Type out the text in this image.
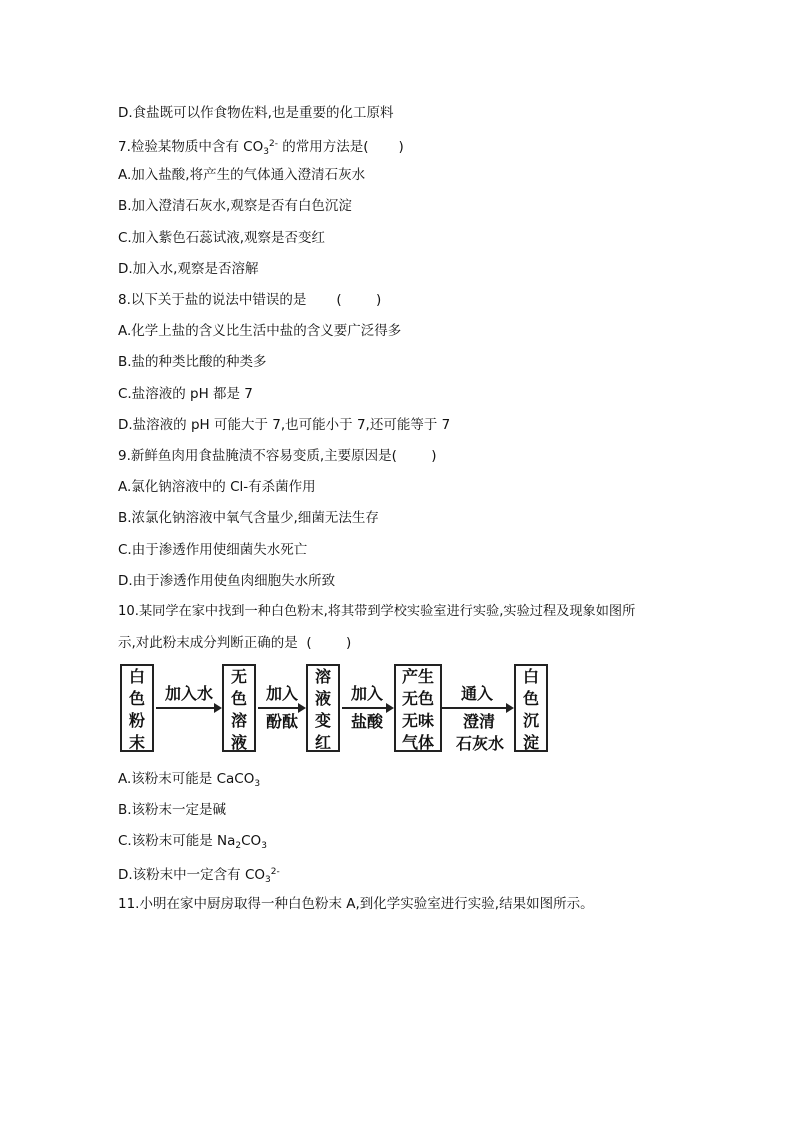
D.食盐既可以作食物佐料,也是重要的化工原料
7.检验某物质中含有 $CO_3^{2-}$ 的常用方法是(       )
A.加入盐酸,将产生的气体通入澄清石灰水
B.加入澄清石灰水,观察是否有白色沉淀
C.加入紫色石蕊试液,观察是否变红
D.加入水,观察是否溶解
8.以下关于盐的说法中错误的是       (        )
A.化学上盐的含义比生活中盐的含义要广泛得多
B.盐的种类比酸的种类多
C.盐溶液的 pH 都是 7
D.盐溶液的 pH 可能大于 7,也可能小于 7,还可能等于 7
9.新鲜鱼肉用食盐腌渍不容易变质,主要原因是(        )
A.氯化钠溶液中的 Cl-有杀菌作用
B.浓氯化钠溶液中氧气含量少,细菌无法生存
C.由于渗透作用使细菌失水死亡
D.由于渗透作用使鱼肉细胞失水所致
10.某同学在家中找到一种白色粉末,将其带到学校实验室进行实验,实验过程及现象如图所
示,对此粉末成分判断正确的是  (        )
白
色
粉
末
加入水
无
色
溶
液
加入
酚酞
溶
液
变
红
加入
盐酸
产生
无色
无味
气体
通入
澄清
石灰水
白
色
沉
淀
A.该粉末可能是 CaCO$_3$
B.该粉末一定是碱
C.该粉末可能是 $Na_2CO_3$
D.该粉末中一定含有 $CO_3^{2-}$
11.小明在家中厨房取得一种白色粉末 A,到化学实验室进行实验,结果如图所示。
